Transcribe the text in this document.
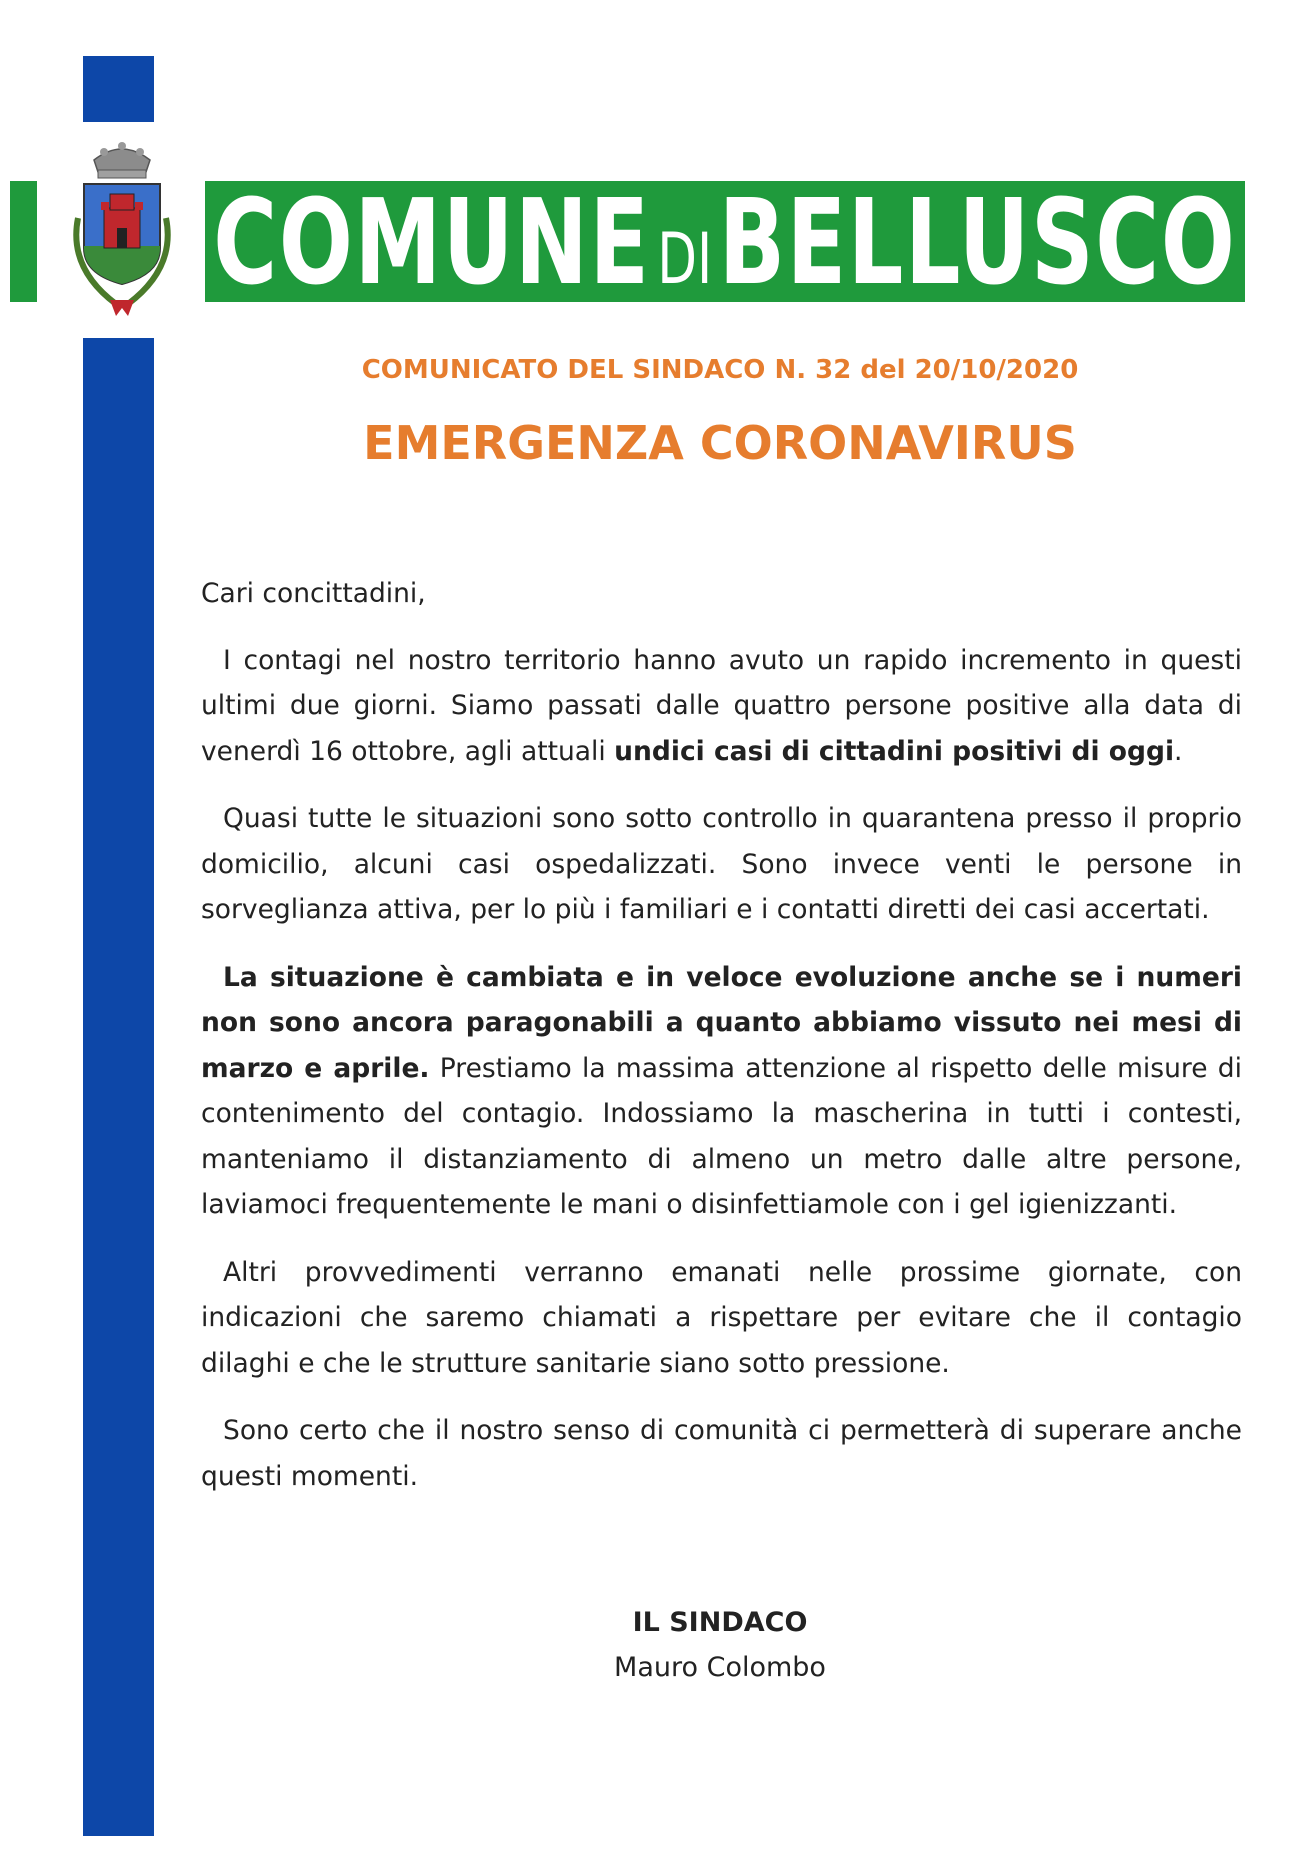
COMUNEDIBELLUSCO
COMUNICATO DEL SINDACO N. 32 del 20/10/2020
EMERGENZA CORONAVIRUS

Cari concittadini,

I contagi nel nostro territorio hanno avuto un rapido incremento in questi ultimi due giorni. Siamo passati dalle quattro persone positive alla data di venerdì 16 ottobre, agli attuali undici casi di cittadini positivi di oggi.

Quasi tutte le situazioni sono sotto controllo in quarantena presso il proprio domicilio, alcuni casi ospedalizzati. Sono invece venti le persone in sorveglianza attiva, per lo più i familiari e i contatti diretti dei casi accertati.

La situazione è cambiata e in veloce evoluzione anche se i numeri non sono ancora paragonabili a quanto abbiamo vissuto nei mesi di marzo e aprile. Prestiamo la massima attenzione al rispetto delle misure di contenimento del contagio. Indossiamo la mascherina in tutti i contesti, manteniamo il distanziamento di almeno un metro dalle altre persone, laviamoci frequentemente le mani o disinfettiamole con i gel igienizzanti.

Altri provvedimenti verranno emanati nelle prossime giornate, con indicazioni che saremo chiamati a rispettare per evitare che il contagio dilaghi e che le strutture sanitarie siano sotto pressione.

Sono certo che il nostro senso di comunità ci permetterà di superare anche questi momenti.

IL SINDACO
Mauro Colombo
